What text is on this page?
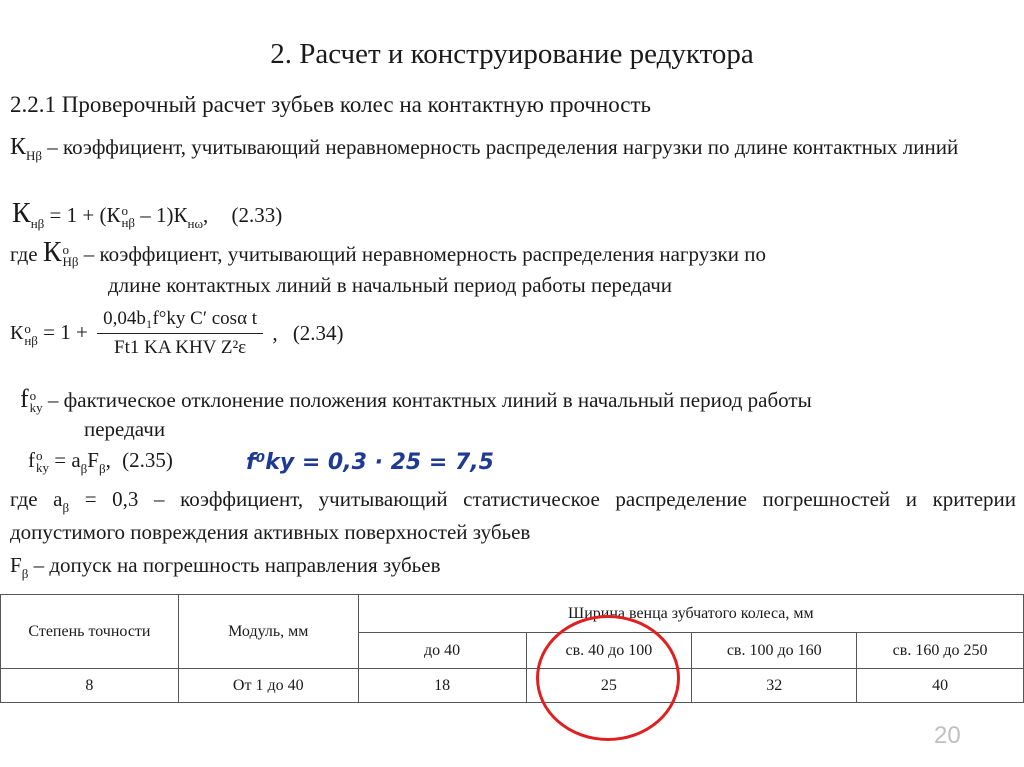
2. Расчет и конструирование редуктора
2.2.1 Проверочный расчет зубьев колес на контактную прочность
$К_{Н\beta}$ – коэффициент, учитывающий неравномерность распределения нагрузки по длине контактных линий
$К_{н\beta} = 1 + (К$ о
нβ – $1)К_{н\omega}$, (2.33)
где К о
Нβ – коэффициент, учитывающий неравномерность распределения нагрузки по
длине контактных линий в начальный период работы передачи
К о
$н\beta = 1 + \frac{\text{0,04b₁f°ky C′ cosα t}}{\text{Ft1 KA KHV Z²ε}}$ , (2.34)
f о
ky – фактическое отклонение положения контактных линий в начальный период работы
передачи
f о
ky = $a_\beta F_\beta$, (2.35)	f⁰ky = 0,3 · 25 = 7,5
где $a_\beta = 0,3$ – коэффициент, учитывающий статистическое распределение погрешностей и критерии допустимого повреждения активных поверхностей зубьев
$F_\beta$ – допуск на погрешность направления зубьев
Степень точности	Модуль, мм	Ширина венца зубчатого колеса, мм			
		до 40	св. 40 до 100	св. 100 до 160	св. 160 до 250
8	От 1 до 40	18	25	32	40
20
